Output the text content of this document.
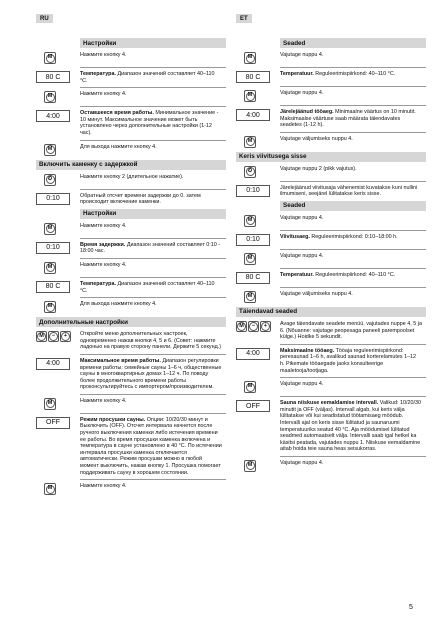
RU	ET
Настройки
M	Нажмите кнопку 4.
80 C	Температура. Диапазон значений составляет 40–110 °C.
M	Нажмите кнопку 4.
4:00	Оставшееся время работы. Минимальное значение - 10 минут. Максимальное значение может быть установлено через дополнительные настройки (1-12 час).
M	Для выхода нажмите кнопку 4.
Включить каменку с задержкой
⏲	Нажмите кнопку 2 (длительное нажатие).
0:10	Обратный отсчет времени задержки до 0. затем происходит включение каменки.
Настройки
M	Нажмите кнопку 4.
0:10	Время задержки. Диапазон значений составляет 0:10 - 18:00 час.
M	Нажмите кнопку 4.
80 C	Температура. Диапазон значений составляет 40–110 °C.
M	Для выхода нажмите кнопку 4.
Дополнительные настройки
M	−	+	Откройте меню дополнительных настроек, одновременно нажав кнопки 4, 5 и 6. (Совет: нажмите ладонью на правую сторону панели. Держите 5 секунд.)
4:00	Максимальное время работы. Диапазон регулировки времени работы: семейные сауны 1–6 ч, общественные сауны в многоквартирных домах 1–12 ч. По поводу более продолжительного времени работы проконсультируйтесь с импортером/производителем.
M	Нажмите кнопку 4.
OFF	Режим просушки сауны. Опции: 10/20/30 минут и Выключить (OFF). Отсчет интервала начнется после ручного выключения каменки либо истечения времени ее работы. Во время просушки каменка включена и температура в сауне установлено в 40 °C. По истечении интервала просушки каменка отключается автоматически. Режим просушки можно в любой момент выключить, нажав кнопку 1. Просушка помогает поддерживать сауну в хорошем состоянии.
M	Нажмите кнопку 4.
Seaded
M	Vajutage nuppu 4.
80 C	Temperatuur. Reguleerimispiirkond: 40–110 °C.
M	Vajutage nuppu 4.
4:00	Järelejäänud tööaeg. Minimaalne väärtus on 10 minutit. Maksimaalse väärtuse saab määrata täiendavates seadetes (1-12 h).
M	Vajutage väljumiseks nuppu 4.
Keris viivitusega sisse
⏲	Vajutage nuppu 2 (pikk vajutus).
0:10	Järelejäänud viivitusaja vähenemist kuvatakse kuni nullini ilmumiseni, seejärel lülitatakse keris sisse.
Seaded
M	Vajutage nuppu 4.
0:10	Viivitusaeg. Reguleerimispiirkond: 0:10–18:00 h.
M	Vajutage nuppu 4.
80 C	Temperatuur. Reguleerimispiirkond: 40–110 °C.
M	Vajutage väljumiseks nuppu 4.
Täiendavad seaded
M	−	+	Avage täiendavate seadete menüü, vajutades nuppe 4, 5 ja 6. (Nõuanne: vajutage peopesaga paneeli parempoolset külge.) Hoidke 5 sekundit.
4:00	Maksimaalne tööaeg. Tööaja reguleerimispiirkond: peresaunad 1–6 h, avalikud saunad korterelamutes 1–12 h. Pikemate tööaegade jaoks konsulteerige maaletooja/tootjaga.
M	Vajutage nuppu 4.
OFF	Sauna niiskuse eemaldamise intervall. Valikud: 10/20/30 minutit ja OFF (väljas). Intervall algab, kui keris välja lülitatakse või kui seadistatud töötamisaeg möödub. Intervalli ajal on keris sisse lülitatud ja saunaruumi temperatuuriks seatud 40 °C. Aja möödumisel lülitatud seadmed automaatselt välja. Intervalli saab igal hetkel ka käsitsi peatada, vajutades nuppu 1. Niiskuse eemaldamine aitab hoida teie sauna heas seisukorras.
M	Vajutage nuppu 4.
5
